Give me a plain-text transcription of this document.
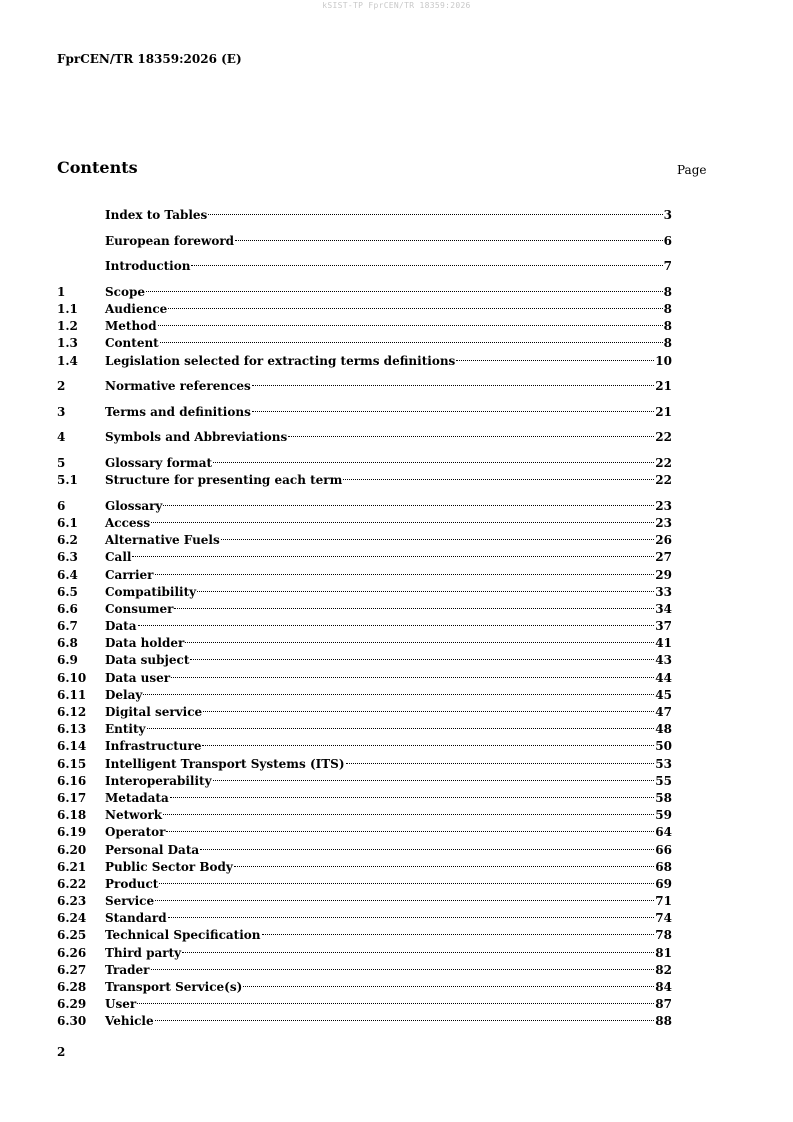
kSIST-TP FprCEN/TR 18359:2026
FprCEN/TR 18359:2026 (E)
Contents	Page
Index to Tables	3
European foreword	6
Introduction	7
1	Scope	8
1.1	Audience	8
1.2	Method	8
1.3	Content	8
1.4	Legislation selected for extracting terms definitions	10
2	Normative references	21
3	Terms and definitions	21
4	Symbols and Abbreviations	22
5	Glossary format	22
5.1	Structure for presenting each term	22
6	Glossary	23
6.1	Access	23
6.2	Alternative Fuels	26
6.3	Call	27
6.4	Carrier	29
6.5	Compatibility	33
6.6	Consumer	34
6.7	Data	37
6.8	Data holder	41
6.9	Data subject	43
6.10	Data user	44
6.11	Delay	45
6.12	Digital service	47
6.13	Entity	48
6.14	Infrastructure	50
6.15	Intelligent Transport Systems (ITS)	53
6.16	Interoperability	55
6.17	Metadata	58
6.18	Network	59
6.19	Operator	64
6.20	Personal Data	66
6.21	Public Sector Body	68
6.22	Product	69
6.23	Service	71
6.24	Standard	74
6.25	Technical Specification	78
6.26	Third party	81
6.27	Trader	82
6.28	Transport Service(s)	84
6.29	User	87
6.30	Vehicle	88
2
